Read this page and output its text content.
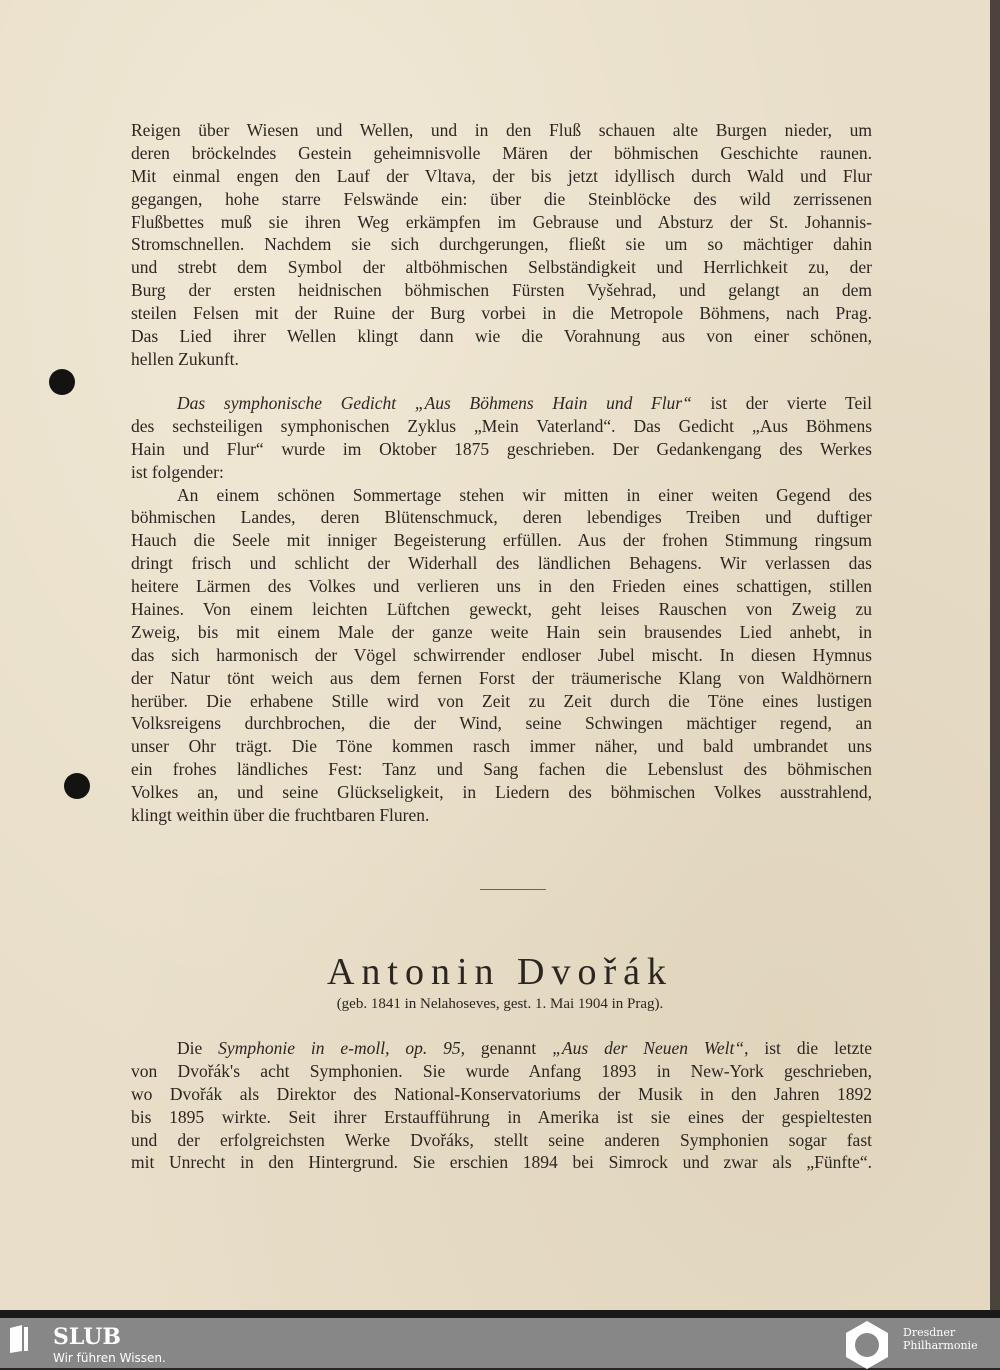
Reigen über Wiesen und Wellen, und in den Fluß schauen alte Burgen nieder, um
deren bröckelndes Gestein geheimnisvolle Mären der böhmischen Geschichte raunen.
Mit einmal engen den Lauf der Vltava, der bis jetzt idyllisch durch Wald und Flur
gegangen, hohe starre Felswände ein: über die Steinblöcke des wild zerrissenen
Flußbettes muß sie ihren Weg erkämpfen im Gebrause und Absturz der St. Johannis-
Stromschnellen. Nachdem sie sich durchgerungen, fließt sie um so mächtiger dahin
und strebt dem Symbol der altböhmischen Selbständigkeit und Herrlichkeit zu, der
Burg der ersten heidnischen böhmischen Fürsten Vyšehrad, und gelangt an dem
steilen Felsen mit der Ruine der Burg vorbei in die Metropole Böhmens, nach Prag.
Das Lied ihrer Wellen klingt dann wie die Vorahnung aus von einer schönen,
hellen Zukunft.
Das symphonische Gedicht „Aus Böhmens Hain und Flur“ ist der vierte Teil
des sechsteiligen symphonischen Zyklus „Mein Vaterland“. Das Gedicht „Aus Böhmens
Hain und Flur“ wurde im Oktober 1875 geschrieben. Der Gedankengang des Werkes
ist folgender:
An einem schönen Sommertage stehen wir mitten in einer weiten Gegend des
böhmischen Landes, deren Blütenschmuck, deren lebendiges Treiben und duftiger
Hauch die Seele mit inniger Begeisterung erfüllen. Aus der frohen Stimmung ringsum
dringt frisch und schlicht der Widerhall des ländlichen Behagens. Wir verlassen das
heitere Lärmen des Volkes und verlieren uns in den Frieden eines schattigen, stillen
Haines. Von einem leichten Lüftchen geweckt, geht leises Rauschen von Zweig zu
Zweig, bis mit einem Male der ganze weite Hain sein brausendes Lied anhebt, in
das sich harmonisch der Vögel schwirrender endloser Jubel mischt. In diesen Hymnus
der Natur tönt weich aus dem fernen Forst der träumerische Klang von Waldhörnern
herüber. Die erhabene Stille wird von Zeit zu Zeit durch die Töne eines lustigen
Volksreigens durchbrochen, die der Wind, seine Schwingen mächtiger regend, an
unser Ohr trägt. Die Töne kommen rasch immer näher, und bald umbrandet uns
ein frohes ländliches Fest: Tanz und Sang fachen die Lebenslust des böhmischen
Volkes an, und seine Glückseligkeit, in Liedern des böhmischen Volkes ausstrahlend,
klingt weithin über die fruchtbaren Fluren.
Die Symphonie in e-moll, op. 95, genannt „Aus der Neuen Welt“, ist die letzte
von Dvořák's acht Symphonien. Sie wurde Anfang 1893 in New-York geschrieben,
wo Dvořák als Direktor des National-Konservatoriums der Musik in den Jahren 1892
bis 1895 wirkte. Seit ihrer Erstaufführung in Amerika ist sie eines der gespieltesten
und der erfolgreichsten Werke Dvořáks, stellt seine anderen Symphonien sogar fast
mit Unrecht in den Hintergrund. Sie erschien 1894 bei Simrock und zwar als „Fünfte“.
Antonin Dvořák
(geb. 1841 in Nelahoseves, gest. 1. Mai 1904 in Prag).
SLUB
Wir führen Wissen.
Dresdner
Philharmonie
